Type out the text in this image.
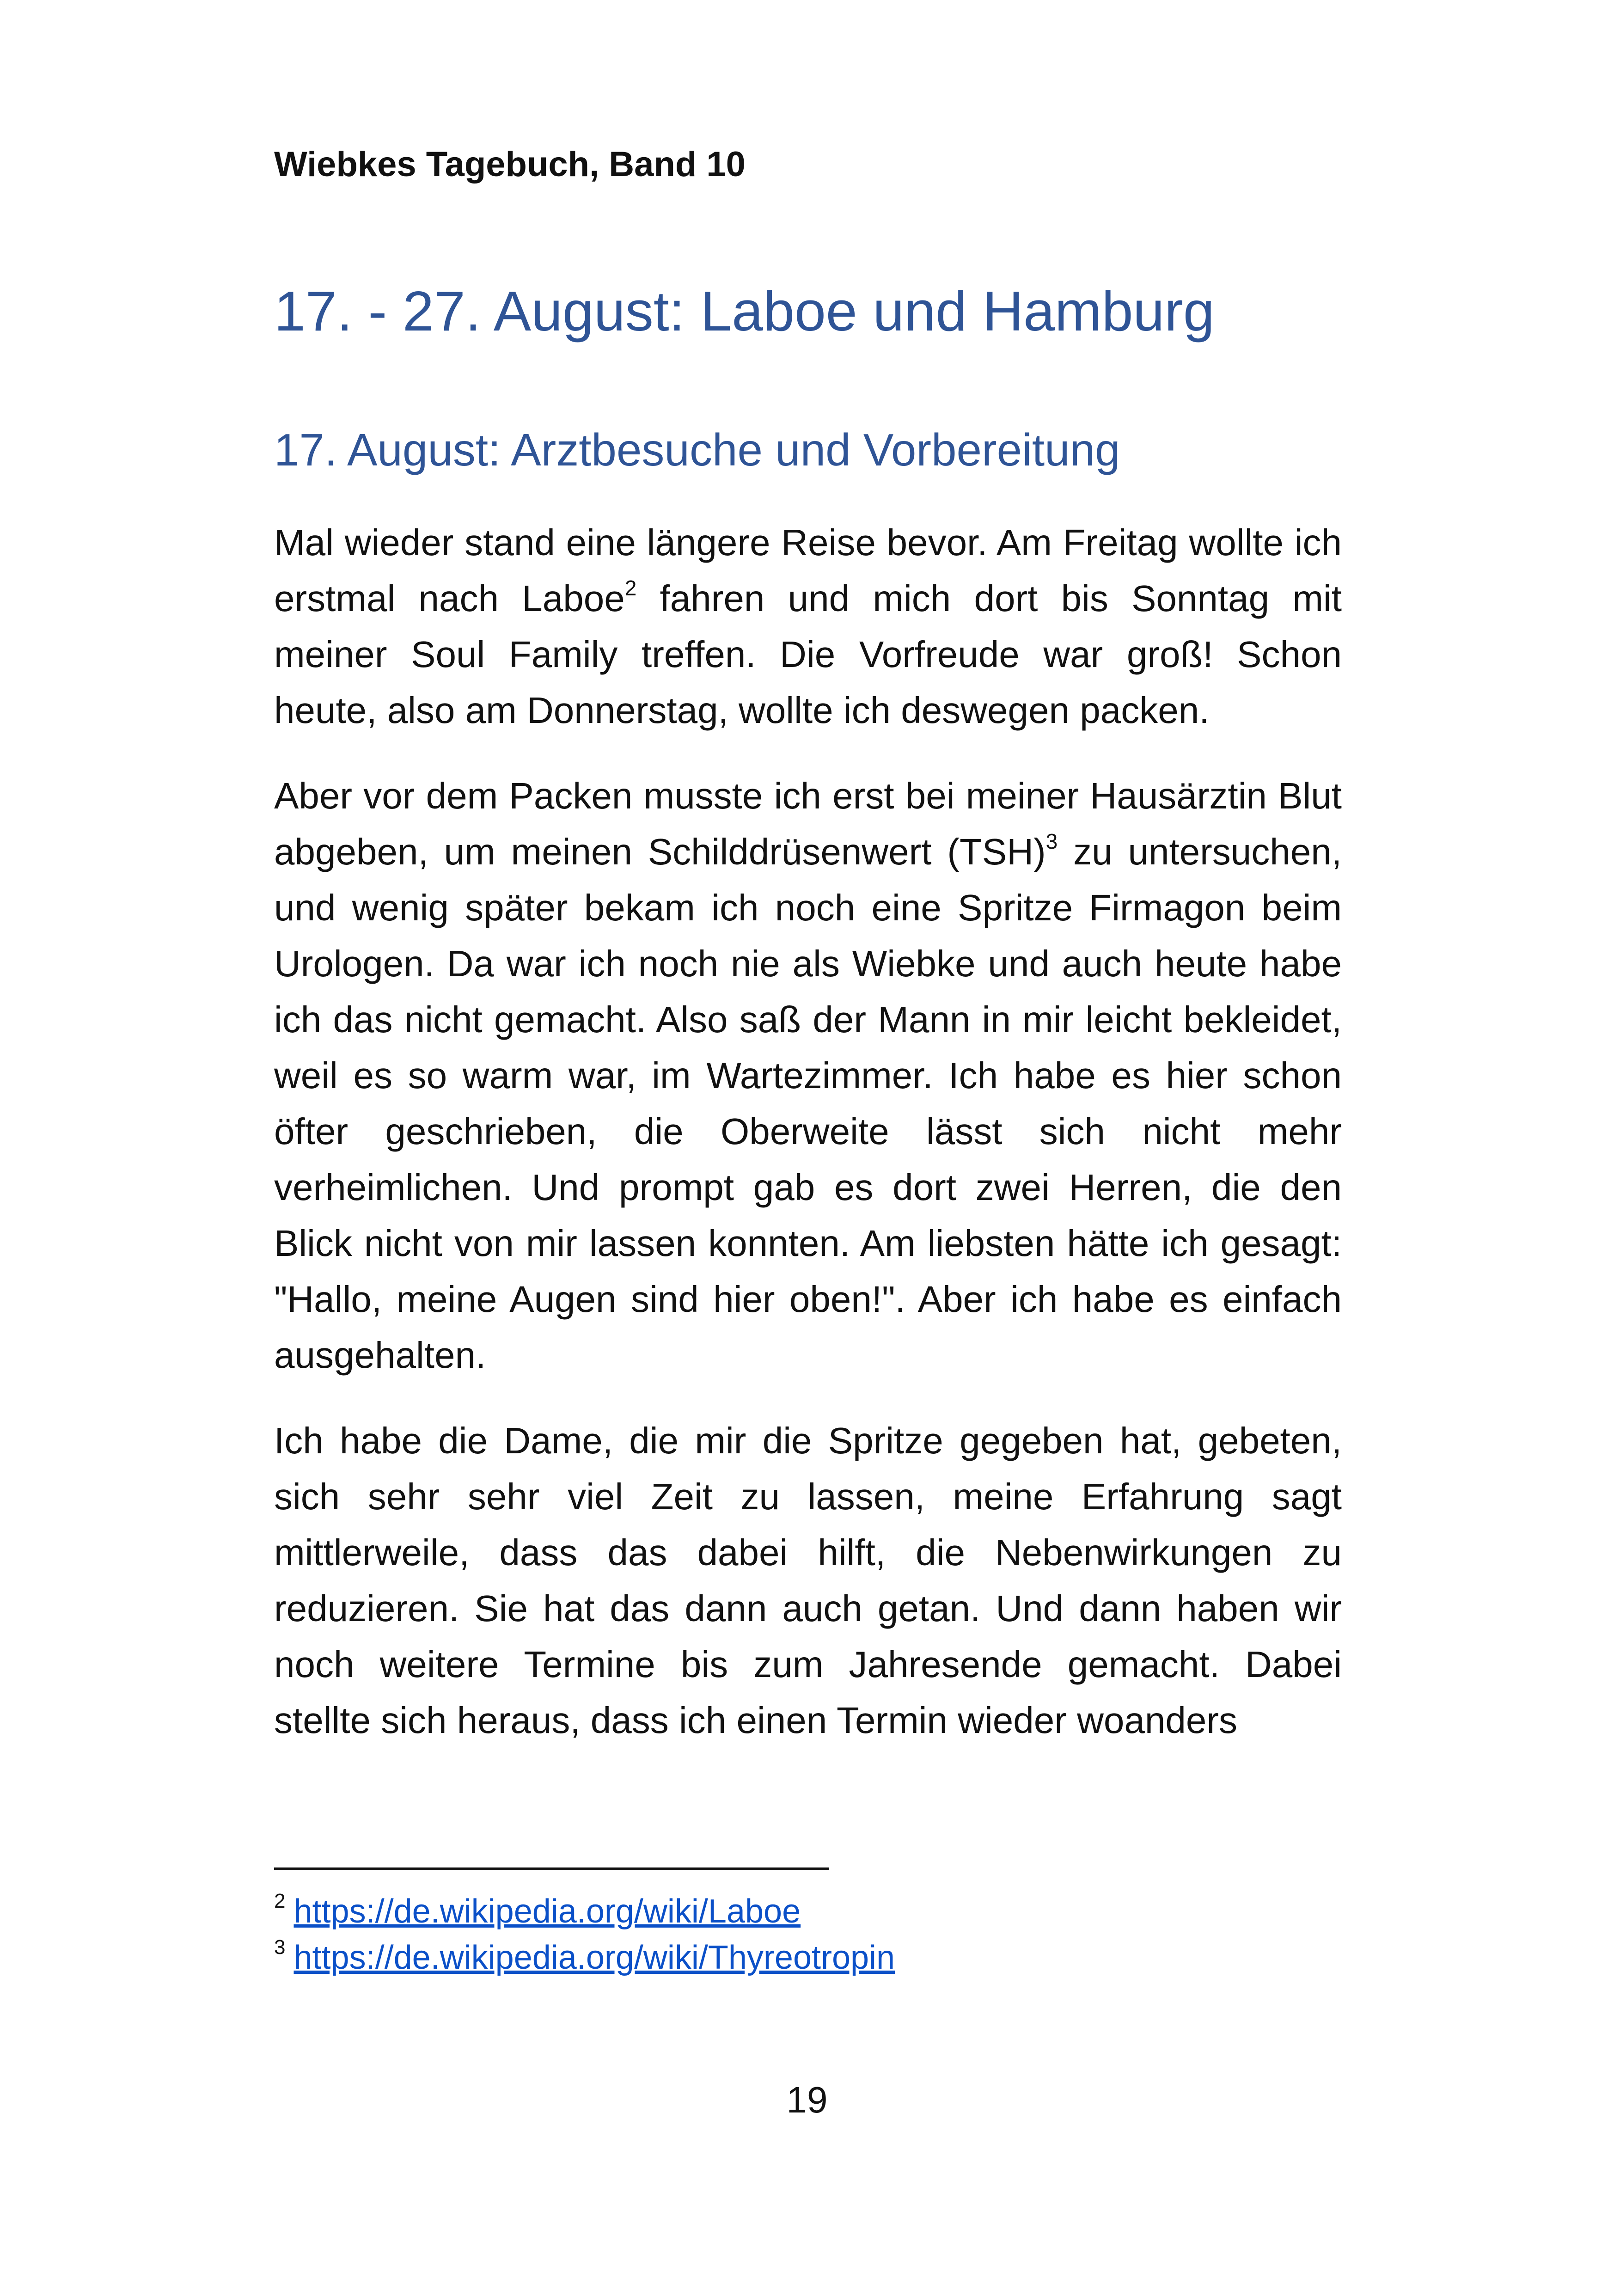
Wiebkes Tagebuch, Band 10
17. - 27. August: Laboe und Hamburg
17. August: Arztbesuche und Vorbereitung

Mal wieder stand eine längere Reise bevor. Am Freitag wollte ich erstmal nach Laboe$^2$ fahren und mich dort bis Sonntag mit meiner Soul Family treffen. Die Vorfreude war groß! Schon heute, also am Donnerstag, wollte ich deswegen packen.

Aber vor dem Packen musste ich erst bei meiner Hausärztin Blut abgeben, um meinen Schilddrüsenwert (TSH)$^3$ zu untersuchen, und wenig später bekam ich noch eine Spritze Firmagon beim Urologen. Da war ich noch nie als Wiebke und auch heute habe ich das nicht gemacht. Also saß der Mann in mir leicht bekleidet, weil es so warm war, im Wartezimmer. Ich habe es hier schon öfter geschrieben, die Oberweite lässt sich nicht mehr verheimlichen. Und prompt gab es dort zwei Herren, die den Blick nicht von mir lassen konnten. Am liebsten hätte ich gesagt: "Hallo, meine Augen sind hier oben!". Aber ich habe es einfach ausgehalten.

Ich habe die Dame, die mir die Spritze gegeben hat, gebeten, sich sehr sehr viel Zeit zu lassen, meine Erfahrung sagt mittlerweile, dass das dabei hilft, die Nebenwirkungen zu reduzieren. Sie hat das dann auch getan. Und dann haben wir noch weitere Termine bis zum Jahresende gemacht. Dabei stellte sich heraus, dass ich einen Termin wieder woanders

$^2$ https://de.wikipedia.org/wiki/Laboe
$^3$ https://de.wikipedia.org/wiki/Thyreotropin
19
